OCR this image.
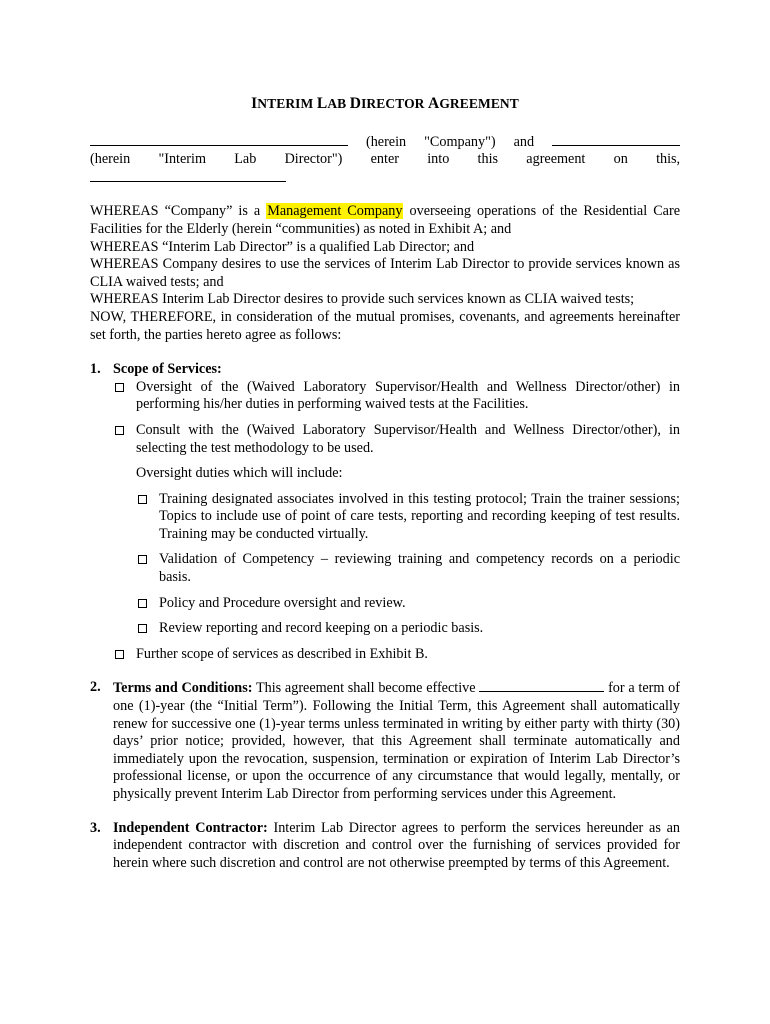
INTERIM LAB DIRECTOR AGREEMENT

(herein "Company") and

(herein "Interim Lab Director") enter into this agreement on this,

WHEREAS “Company” is a Management Company overseeing operations of the Residential Care Facilities for the Elderly (herein “communities) as noted in Exhibit A; and

WHEREAS “Interim Lab Director” is a qualified Lab Director; and

WHEREAS Company desires to use the services of Interim Lab Director to provide services known as CLIA waived tests; and

WHEREAS Interim Lab Director desires to provide such services known as CLIA waived tests;

NOW, THEREFORE, in consideration of the mutual promises, covenants, and agreements hereinafter set forth, the parties hereto agree as follows:

1. Scope of Services:
Oversight of the (Waived Laboratory Supervisor/Health and Wellness Director/other) in performing his/her duties in performing waived tests at the Facilities.
Consult with the (Waived Laboratory Supervisor/Health and Wellness Director/other), in selecting the test methodology to be used.
Oversight duties which will include:
Training designated associates involved in this testing protocol; Train the trainer sessions; Topics to include use of point of care tests, reporting and recording keeping of test results. Training may be conducted virtually.
Validation of Competency – reviewing training and competency records on a periodic basis.
Policy and Procedure oversight and review.
Review reporting and record keeping on a periodic basis.
Further scope of services as described in Exhibit B.
2. Terms and Conditions: This agreement shall become effective	for a term of one (1)-year (the “Initial Term”). Following the Initial Term, this Agreement shall automatically renew for successive one (1)-year terms unless terminated in writing by either party with thirty (30) days’ prior notice; provided, however, that this Agreement shall terminate automatically and immediately upon the revocation, suspension, termination or expiration of Interim Lab Director’s professional license, or upon the occurrence of any circumstance that would legally, mentally, or physically prevent Interim Lab Director from performing services under this Agreement.
3. Independent Contractor: Interim Lab Director agrees to perform the services hereunder as an independent contractor with discretion and control over the furnishing of services provided for herein where such discretion and control are not otherwise preempted by terms of this Agreement.
